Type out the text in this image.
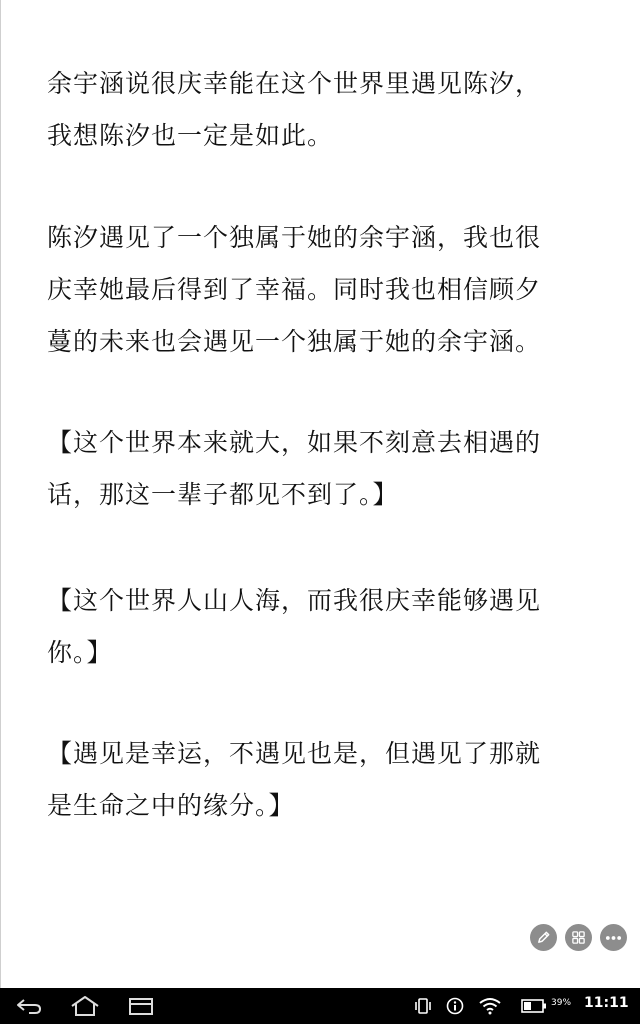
余宇涵说很庆幸能在这个世界里遇见陈汐，
我想陈汐也一定是如此。

陈汐遇见了一个独属于她的余宇涵，我也很
庆幸她最后得到了幸福。同时我也相信顾夕
蔓的未来也会遇见一个独属于她的余宇涵。

【这个世界本来就大，如果不刻意去相遇的
话，那这一辈子都见不到了。】

【这个世界人山人海，而我很庆幸能够遇见
你。】

【遇见是幸运，不遇见也是，但遇见了那就
是生命之中的缘分。】

39% 11:11
